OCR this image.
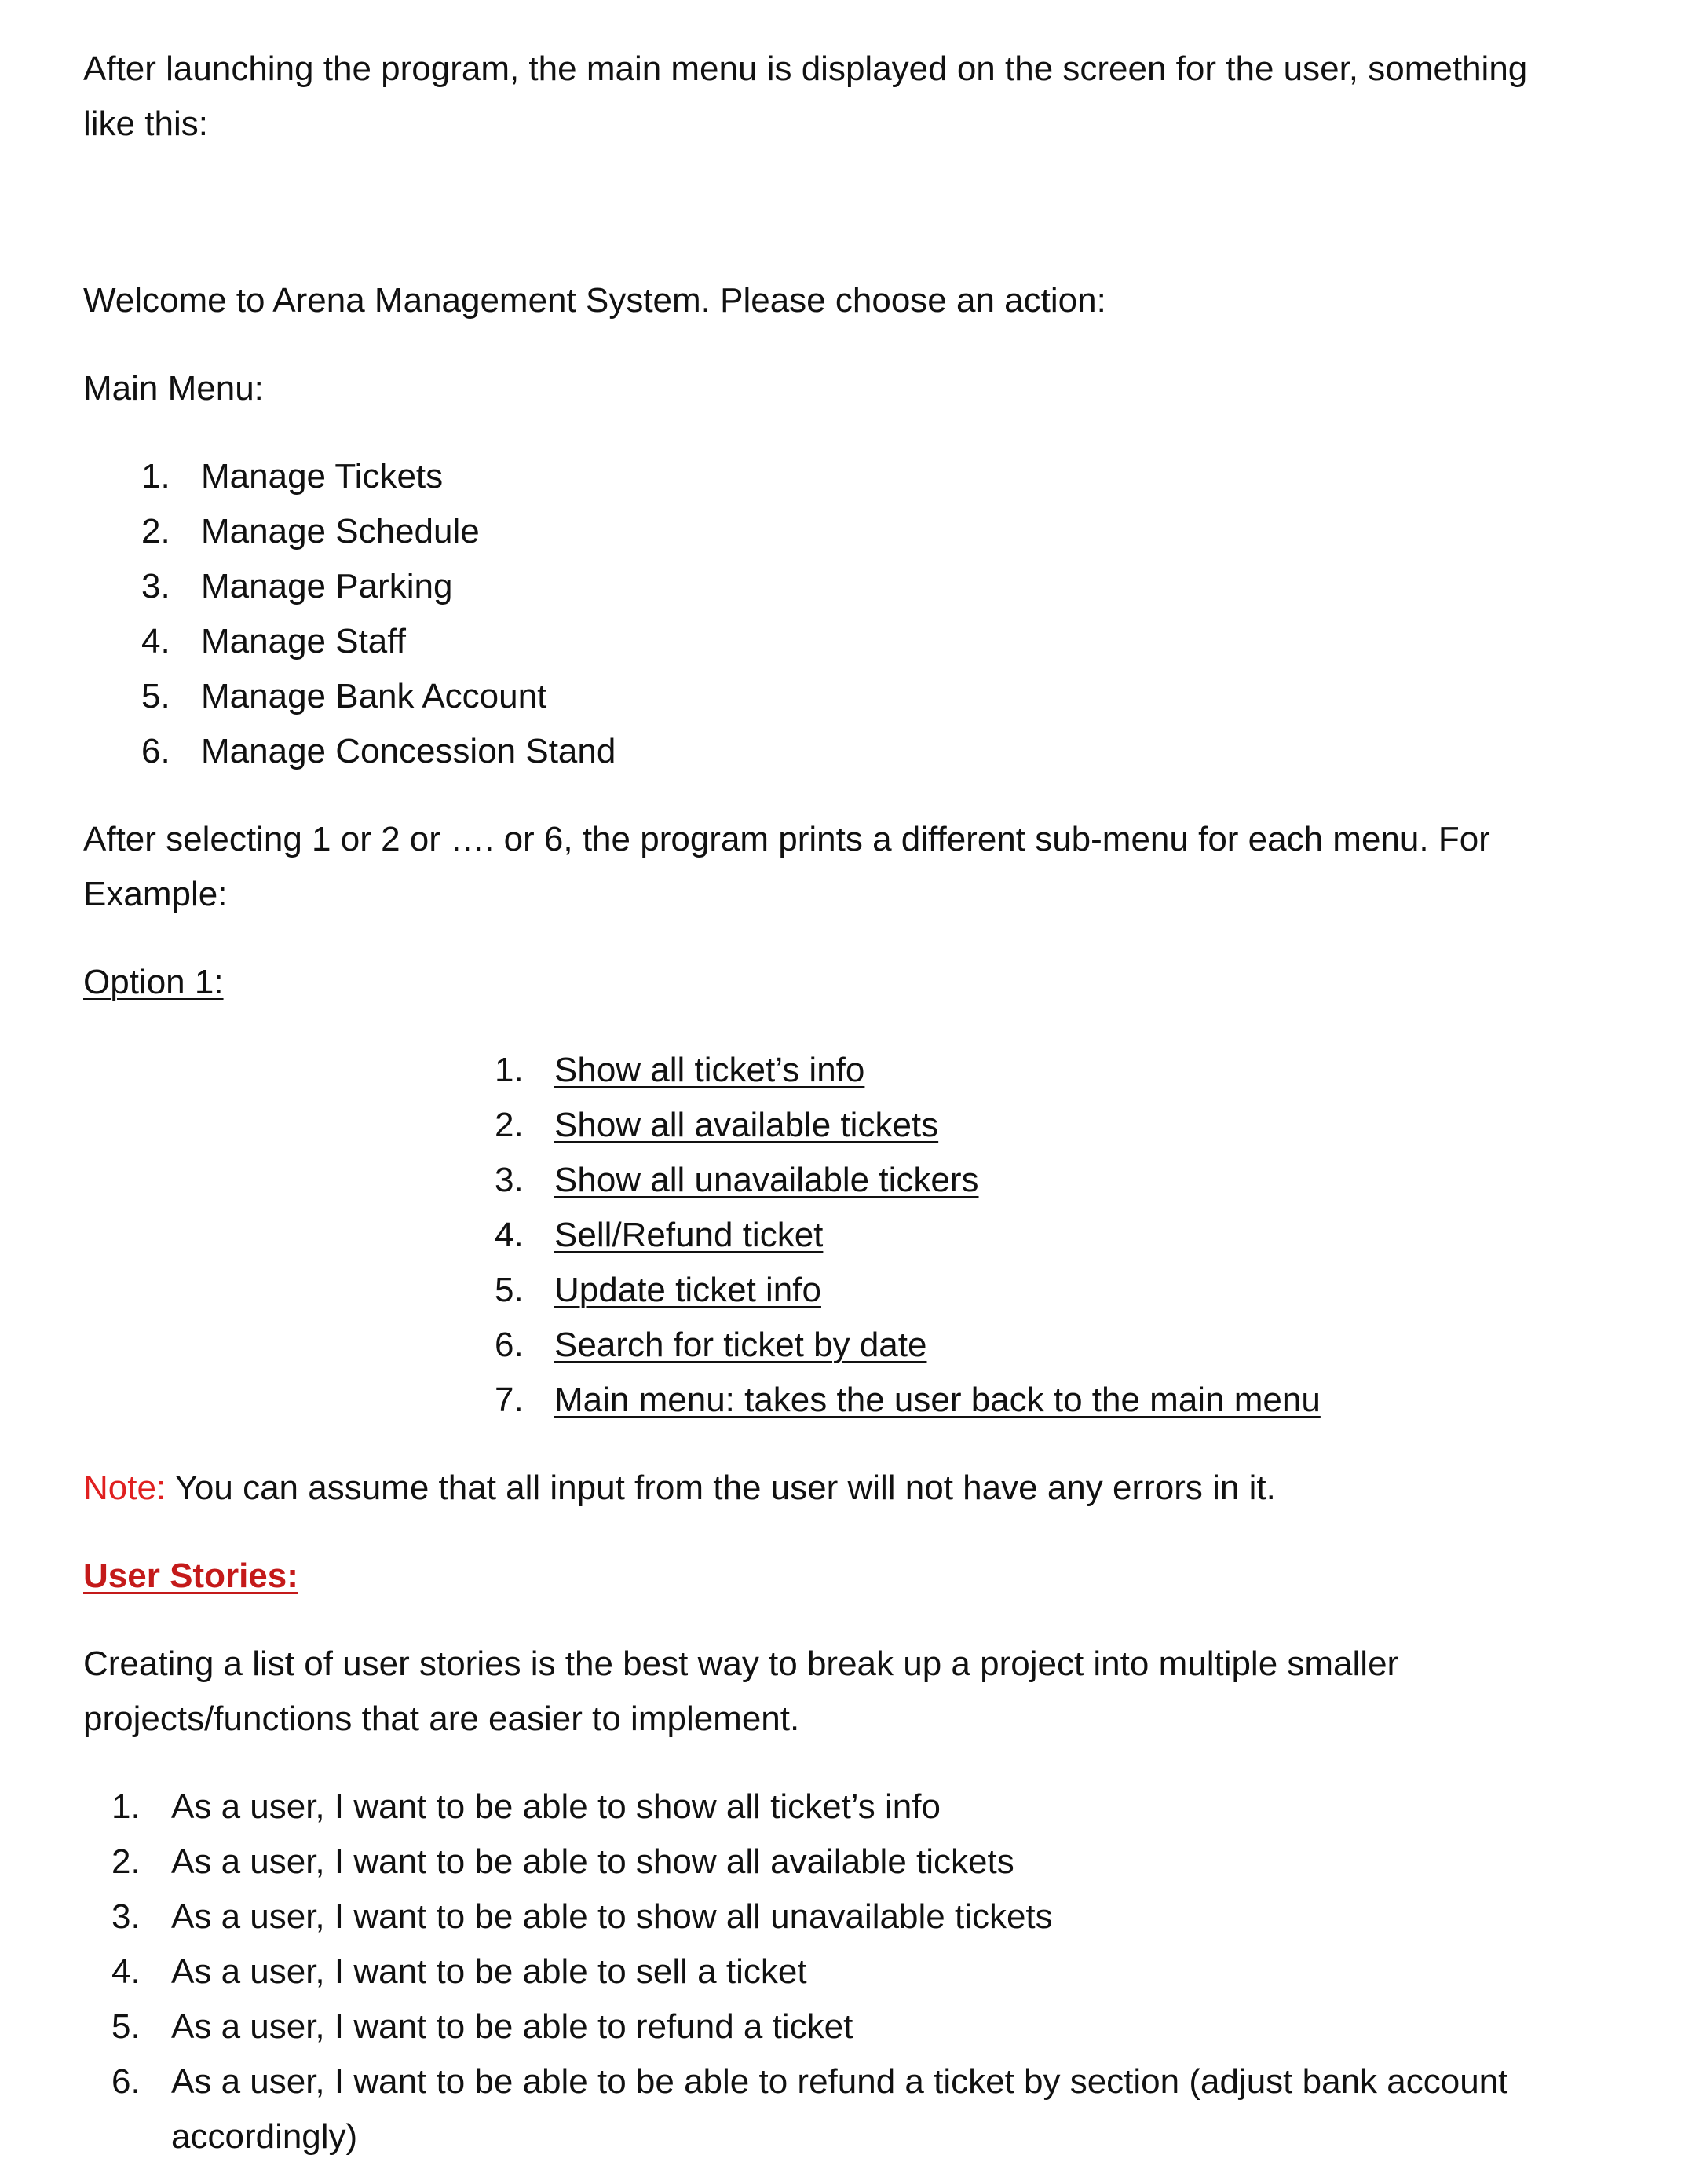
After launching the program, the main menu is displayed on the screen for the user, something
like this:
Welcome to Arena Management System. Please choose an action:
Main Menu:
1. Manage Tickets
2. Manage Schedule
3. Manage Parking
4. Manage Staff
5. Manage Bank Account
6. Manage Concession Stand
After selecting 1 or 2 or …. or 6, the program prints a different sub-menu for each menu. For
Example:
Option 1:
1. Show all ticket’s info
2. Show all available tickets
3. Show all unavailable tickers
4. Sell/Refund ticket
5. Update ticket info
6. Search for ticket by date
7. Main menu: takes the user back to the main menu
Note: You can assume that all input from the user will not have any errors in it.
User Stories:
Creating a list of user stories is the best way to break up a project into multiple smaller
projects/functions that are easier to implement.
1. As a user, I want to be able to show all ticket’s info
2. As a user, I want to be able to show all available tickets
3. As a user, I want to be able to show all unavailable tickets
4. As a user, I want to be able to sell a ticket
5. As a user, I want to be able to refund a ticket
6. As a user, I want to be able to be able to refund a ticket by section (adjust bank account
accordingly)
